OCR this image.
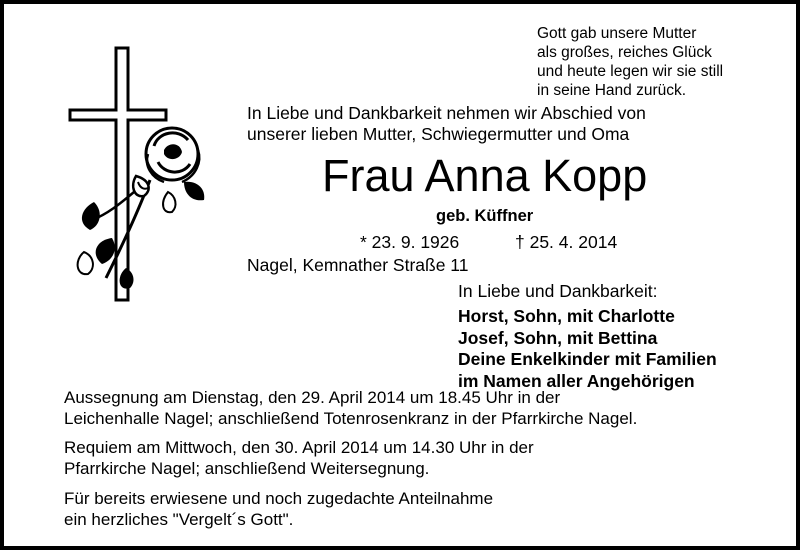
Gott gab unsere Mutter
als großes, reiches Glück
und heute legen wir sie still
in seine Hand zurück.
In Liebe und Dankbarkeit nehmen wir Abschied von
unserer lieben Mutter, Schwiegermutter und Oma
Frau Anna Kopp
geb. Küffner
* 23. 9. 1926	† 25. 4. 2014
Nagel, Kemnather Straße 11
In Liebe und Dankbarkeit:
Horst, Sohn, mit Charlotte
Josef, Sohn, mit Bettina
Deine Enkelkinder mit Familien
im Namen aller Angehörigen
Aussegnung am Dienstag, den 29. April 2014 um 18.45 Uhr in der
Leichenhalle Nagel; anschließend Totenrosenkranz in der Pfarrkirche Nagel.
Requiem am Mittwoch, den 30. April 2014 um 14.30 Uhr in der
Pfarrkirche Nagel; anschließend Weitersegnung.
Für bereits erwiesene und noch zugedachte Anteilnahme
ein herzliches "Vergelt´s Gott".
